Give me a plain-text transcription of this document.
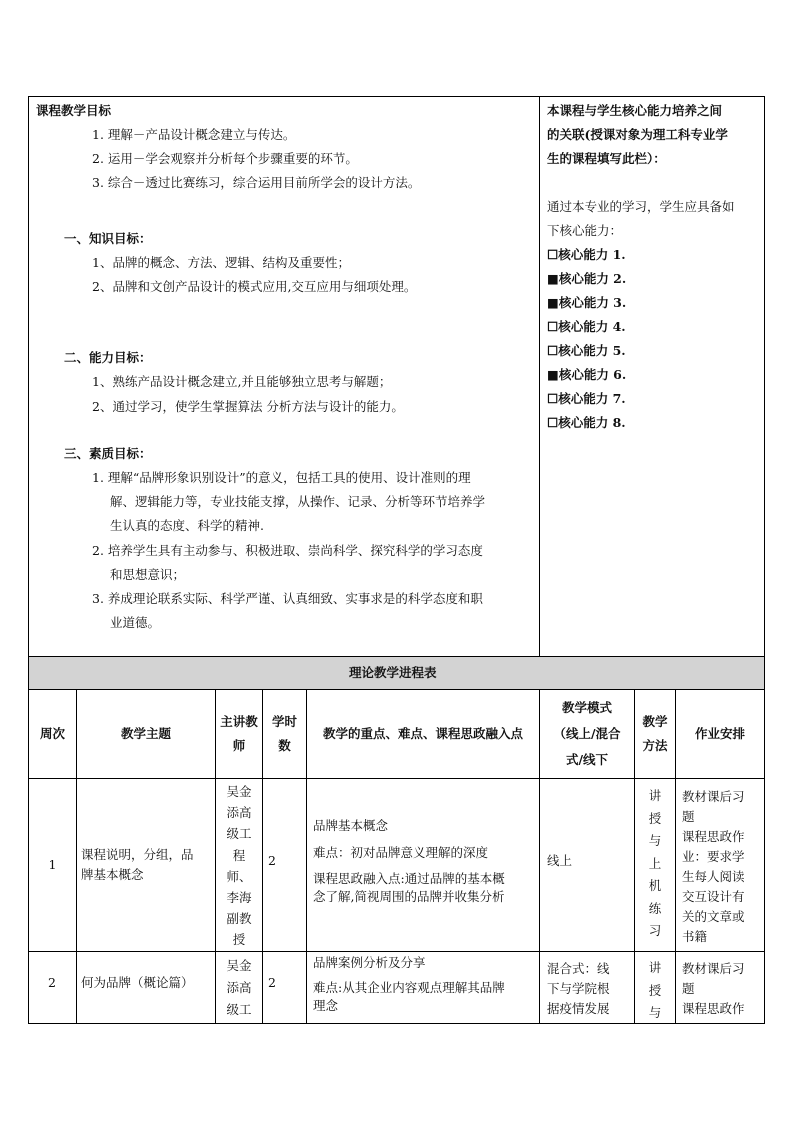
课程教学目标
1. 理解－产品设计概念建立与传达。
2. 运用－学会观察并分析每个步骤重要的环节。
3. 综合－透过比赛练习，综合运用目前所学会的设计方法。
一、知识目标：
1、品牌的概念、方法、逻辑、结构及重要性；
2、品牌和文创产品设计的模式应用,交互应用与细项处理。
二、能力目标：
1、熟练产品设计概念建立,并且能够独立思考与解题；
2、通过学习，使学生掌握算法 分析方法与设计的能力。
三、素质目标：
1. 理解“品牌形象识别设计”的意义，包括工具的使用、设计准则的理
解、逻辑能力等，专业技能支撑，从操作、记录、分析等环节培养学
生认真的态度、科学的精神.
2. 培养学生具有主动参与、积极进取、崇尚科学、探究科学的学习态度
和思想意识；
3. 养成理论联系实际、科学严谨、认真细致、实事求是的科学态度和职
业道德。
本课程与学生核心能力培养之间
的关联(授课对象为理工科专业学
生的课程填写此栏）：
通过本专业的学习，学生应具备如
下核心能力：
☐核心能力 1.
■核心能力 2.
■核心能力 3.
☐核心能力 4.
☐核心能力 5.
■核心能力 6.
☐核心能力 7.
☐核心能力 8.
理论教学进程表
周次	教学主题
主讲教
师
学时
数
教学的重点、难点、课程思政融入点
教学模式
（线上/混合
式/线下
教学
方法
作业安排
1
课程说明，分组，品
牌基本概念
吴金
添高
级工
程
师、
李海
副教
授
2
品牌基本概念
难点：初对品牌意义理解的深度
课程思政融入点:通过品牌的基本概
念了解,简视周围的品牌并收集分析
线上
讲
授
与
上
机
练
习
教材课后习
题
课程思政作
业：要求学
生每人阅读
交互设计有
关的文章或
书籍
2 何为品牌（概论篇）
吴金
添高
级工
2
品牌案例分析及分享
难点:从其企业内容观点理解其品牌
理念
混合式：线
下与学院根
据疫情发展
讲
授
与
教材课后习
题
课程思政作
